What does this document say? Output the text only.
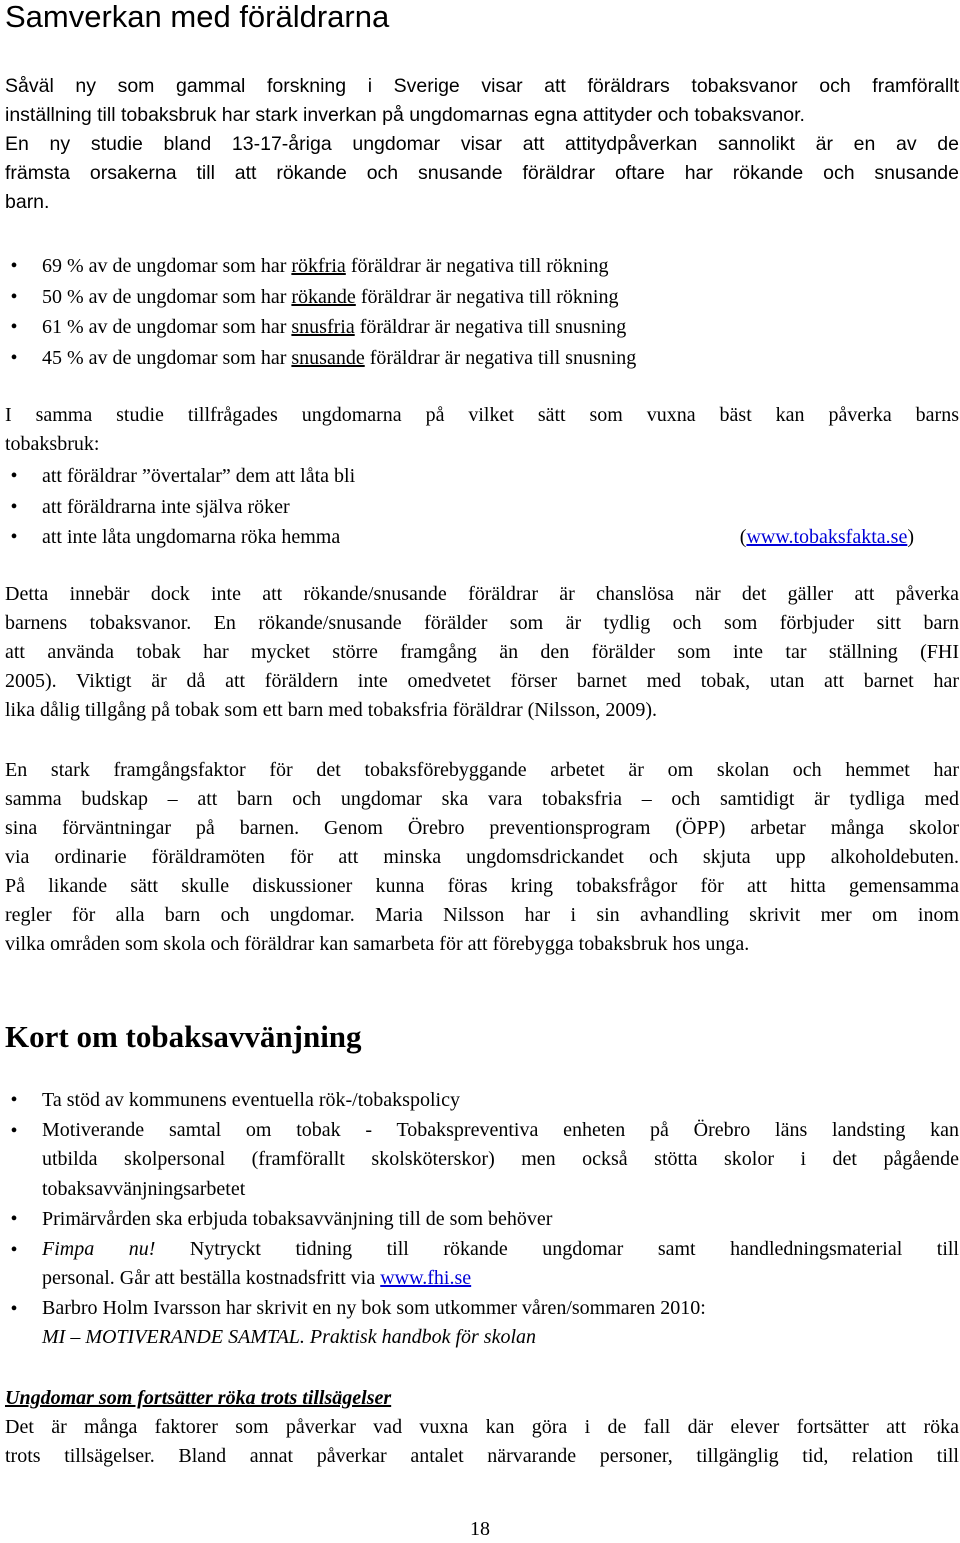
Samverkan med föräldrarna
Såväl ny som gammal forskning i Sverige visar att föräldrars tobaksvanor och framförallt
inställning till tobaksbruk har stark inverkan på ungdomarnas egna attityder och tobaksvanor.
En ny studie bland 13-17-åriga ungdomar visar att attitydpåverkan sannolikt är en av de
främsta orsakerna till att rökande och snusande föräldrar oftare har rökande och snusande
barn.
• 69 % av de ungdomar som har rökfria föräldrar är negativa till rökning
• 50 % av de ungdomar som har rökande föräldrar är negativa till rökning
• 61 % av de ungdomar som har snusfria föräldrar är negativa till snusning
• 45 % av de ungdomar som har snusande föräldrar är negativa till snusning
I samma studie tillfrågades ungdomarna på vilket sätt som vuxna bäst kan påverka barns
tobaksbruk:
• att föräldrar ”övertalar” dem att låta bli
• att föräldrarna inte själva röker
• att inte låta ungdomarna röka hemma	(www.tobaksfakta.se)
Detta innebär dock inte att rökande/snusande föräldrar är chanslösa när det gäller att påverka
barnens tobaksvanor. En rökande/snusande förälder som är tydlig och som förbjuder sitt barn
att använda tobak har mycket större framgång än den förälder som inte tar ställning (FHI
2005). Viktigt är då att föräldern inte omedvetet förser barnet med tobak, utan att barnet har
lika dålig tillgång på tobak som ett barn med tobaksfria föräldrar (Nilsson, 2009).
En stark framgångsfaktor för det tobaksförebyggande arbetet är om skolan och hemmet har
samma budskap – att barn och ungdomar ska vara tobaksfria – och samtidigt är tydliga med
sina förväntningar på barnen. Genom Örebro preventionsprogram (ÖPP) arbetar många skolor
via ordinarie föräldramöten för att minska ungdomsdrickandet och skjuta upp alkoholdebuten.
På likande sätt skulle diskussioner kunna föras kring tobaksfrågor för att hitta gemensamma
regler för alla barn och ungdomar. Maria Nilsson har i sin avhandling skrivit mer om inom
vilka områden som skola och föräldrar kan samarbeta för att förebygga tobaksbruk hos unga.
Kort om tobaksavvänjning
• Ta stöd av kommunens eventuella rök-/tobakspolicy
• Motiverande samtal om tobak - Tobakspreventiva enheten på Örebro läns landsting kan
utbilda skolpersonal (framförallt skolsköterskor) men också stötta skolor i det pågående
tobaksavvänjningsarbetet
• Primärvården ska erbjuda tobaksavvänjning till de som behöver
• Fimpa nu! Nytryckt tidning till rökande ungdomar samt handledningsmaterial till
personal. Går att beställa kostnadsfritt via www.fhi.se
• Barbro Holm Ivarsson har skrivit en ny bok som utkommer våren/sommaren 2010:
MI – MOTIVERANDE SAMTAL. Praktisk handbok för skolan
Ungdomar som fortsätter röka trots tillsägelser
Det är många faktorer som påverkar vad vuxna kan göra i de fall där elever fortsätter att röka
trots tillsägelser. Bland annat påverkar antalet närvarande personer, tillgänglig tid, relation till
18
